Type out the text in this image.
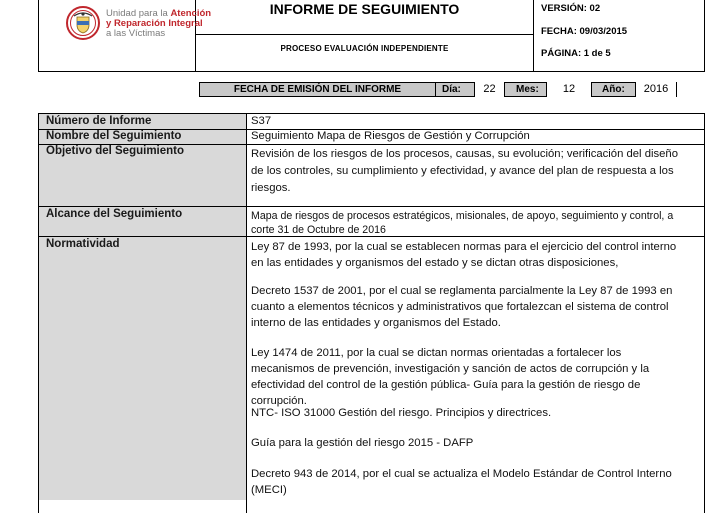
Unidad para la Atención
y Reparación Integral
a las Víctimas
INFORME DE SEGUIMIENTO
PROCESO EVALUACIÓN INDEPENDIENTE
VERSIÓN: 02
FECHA: 09/03/2015
PÁGINA: 1 de 5
FECHA DE EMISIÓN DEL INFORME	Día:	22	Mes:	12	Año:	2016
Número de Informe	S37
Nombre del Seguimiento	Seguimiento Mapa de Riesgos de Gestión y Corrupción
Objetivo del Seguimiento	Revisión de los riesgos de los procesos, causas, su evolución; verificación del diseño de los controles, su cumplimiento y efectividad, y avance del plan de respuesta a los riesgos.
Alcance del Seguimiento	Mapa de riesgos de procesos estratégicos, misionales, de apoyo, seguimiento y control, a corte 31 de Octubre de 2016
Normatividad	Ley 87 de 1993, por la cual se establecen normas para el ejercicio del control interno en las entidades y organismos del estado y se dictan otras disposiciones,
Decreto 1537 de 2001, por el cual se reglamenta parcialmente la Ley 87 de 1993 en cuanto a elementos técnicos y administrativos que fortalezcan el sistema de control interno de las entidades y organismos del Estado.
Ley 1474 de 2011, por la cual se dictan normas orientadas a fortalecer los mecanismos de prevención, investigación y sanción de actos de corrupción y la efectividad del control de la gestión pública- Guía para la gestión de riesgo de corrupción.
NTC- ISO 31000 Gestión del riesgo. Principios y directrices.
Guía para la gestión del riesgo 2015 - DAFP
Decreto 943 de 2014, por el cual se actualiza el Modelo Estándar de Control Interno (MECI)
